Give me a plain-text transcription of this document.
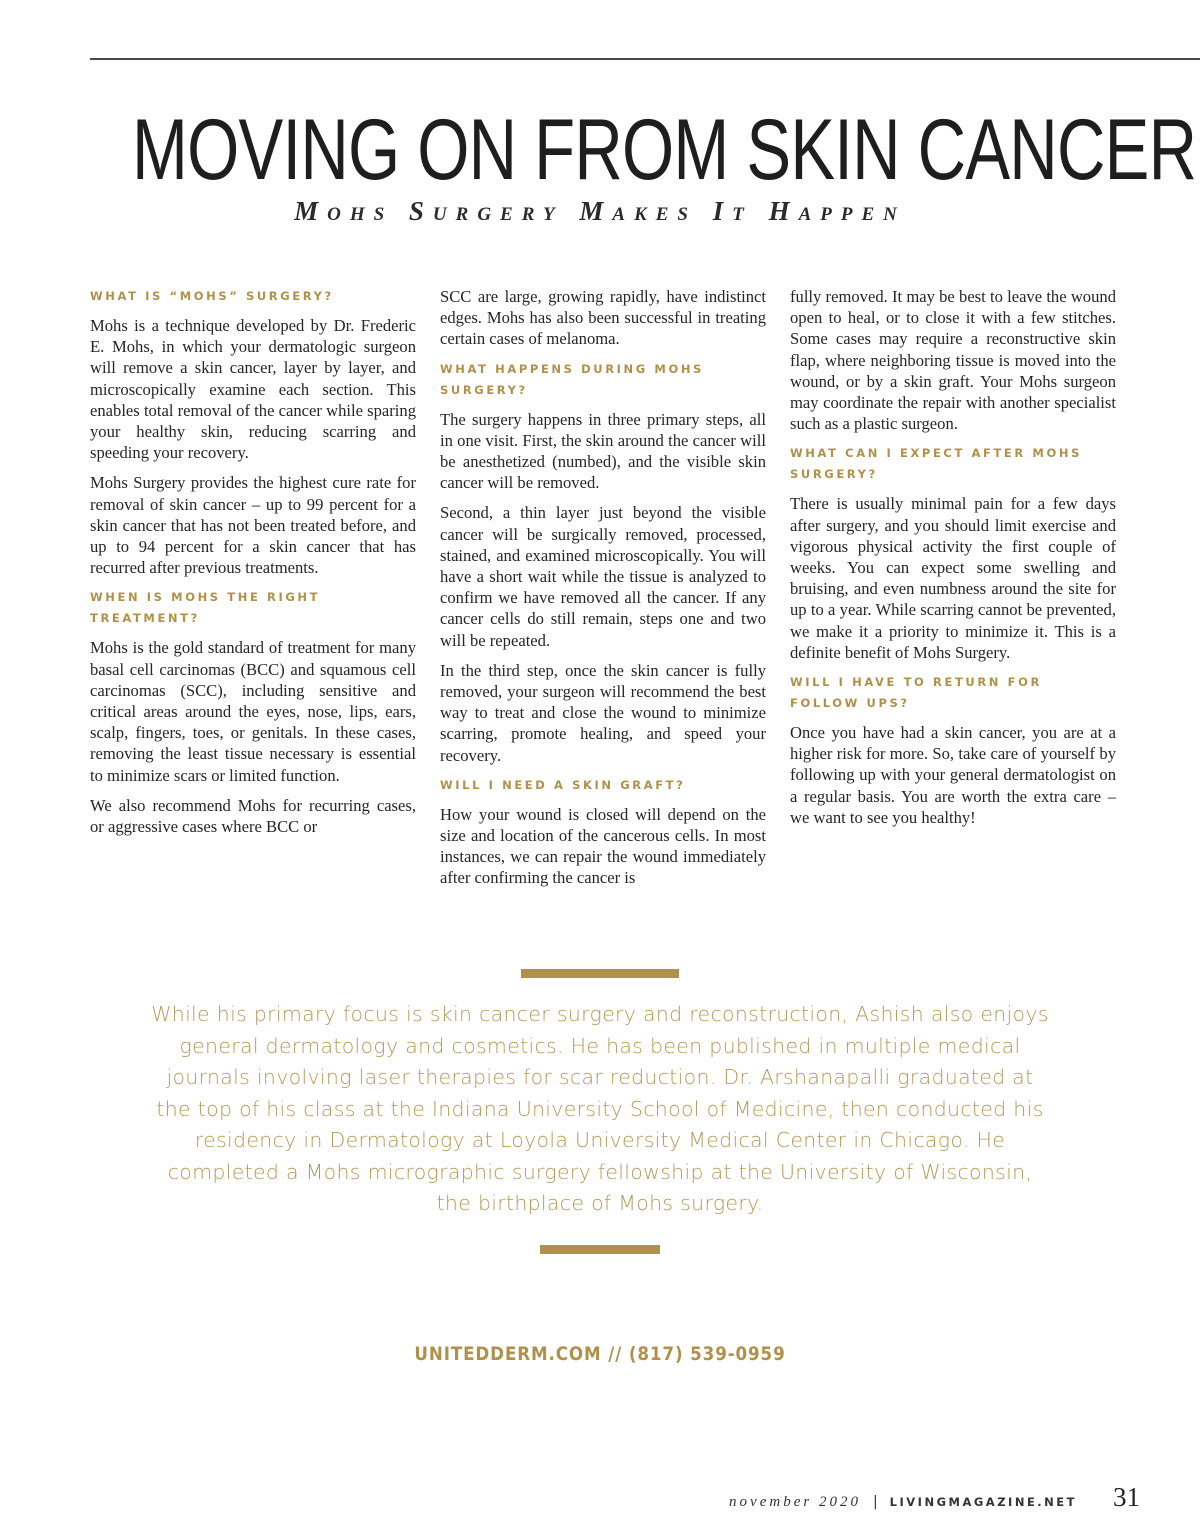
MOVING ON FROM SKIN CANCER
Mohs Surgery Makes It Happen
WHAT IS “MOHS” SURGERY?

Mohs is a technique developed by Dr. Frederic E. Mohs, in which your dermatologic surgeon will remove a skin cancer, layer by layer, and microscopically examine each section. This enables total removal of the cancer while sparing your healthy skin, reducing scarring and speeding your recovery.

Mohs Surgery provides the highest cure rate for removal of skin cancer – up to 99 percent for a skin cancer that has not been treated before, and up to 94 percent for a skin cancer that has recurred after previous treatments.

WHEN IS MOHS THE RIGHT TREATMENT?

Mohs is the gold standard of treatment for many basal cell carcinomas (BCC) and squamous cell carcinomas (SCC), including sensitive and critical areas around the eyes, nose, lips, ears, scalp, fingers, toes, or genitals. In these cases, removing the least tissue necessary is essential to minimize scars or limited function.

We also recommend Mohs for recurring cases, or aggressive cases where BCC or

SCC are large, growing rapidly, have indistinct edges. Mohs has also been successful in treating certain cases of melanoma.

WHAT HAPPENS DURING MOHS SURGERY?

The surgery happens in three primary steps, all in one visit. First, the skin around the cancer will be anesthetized (numbed), and the visible skin cancer will be removed.

Second, a thin layer just beyond the visible cancer will be surgically removed, processed, stained, and examined microscopically. You will have a short wait while the tissue is analyzed to confirm we have removed all the cancer. If any cancer cells do still remain, steps one and two will be repeated.

In the third step, once the skin cancer is fully removed, your surgeon will recommend the best way to treat and close the wound to minimize scarring, promote healing, and speed your recovery.

WILL I NEED A SKIN GRAFT?

How your wound is closed will depend on the size and location of the cancerous cells. In most instances, we can repair the wound immediately after confirming the cancer is

fully removed. It may be best to leave the wound open to heal, or to close it with a few stitches. Some cases may require a reconstructive skin flap, where neighboring tissue is moved into the wound, or by a skin graft. Your Mohs surgeon may coordinate the repair with another specialist such as a plastic surgeon.

WHAT CAN I EXPECT AFTER MOHS SURGERY?

There is usually minimal pain for a few days after surgery, and you should limit exercise and vigorous physical activity the first couple of weeks. You can expect some swelling and bruising, and even numbness around the site for up to a year. While scarring cannot be prevented, we make it a priority to minimize it. This is a definite benefit of Mohs Surgery.

WILL I HAVE TO RETURN FOR FOLLOW UPS?

Once you have had a skin cancer, you are at a higher risk for more. So, take care of yourself by following up with your general dermatologist on a regular basis. You are worth the extra care – we want to see you healthy!

While his primary focus is skin cancer surgery and reconstruction, Ashish also enjoys general dermatology and cosmetics. He has been published in multiple medical journals involving laser therapies for scar reduction. Dr. Arshanapalli graduated at the top of his class at the Indiana University School of Medicine, then conducted his residency in Dermatology at Loyola University Medical Center in Chicago. He completed a Mohs micrographic surgery fellowship at the University of Wisconsin, the birthplace of Mohs surgery.

UNITEDDERM.COM // (817) 539-0959

november 2020 | LIVINGMAGAZINE.NET 31
